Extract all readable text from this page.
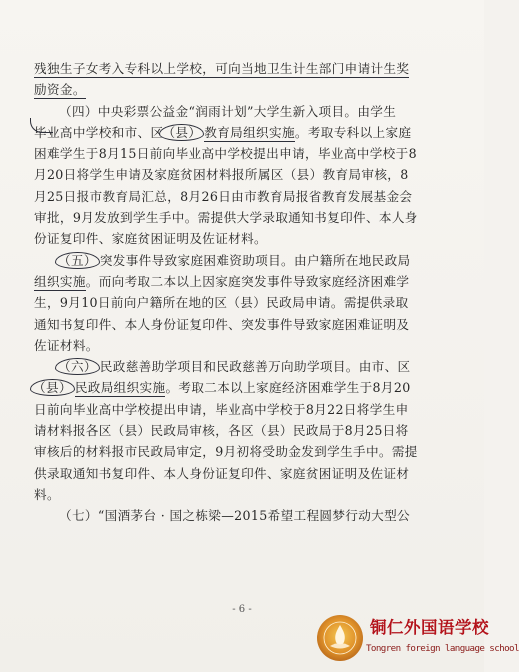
残独生子女考入专科以上学校，可向当地卫生计生部门申请计生奖
励资金。

（四）中央彩票公益金“润雨计划”大学生新入项目。由学生
毕业高中学校和市、区（县） 教育局组织实施。考取专科以上家庭
困难学生于8月15日前向毕业高中学校提出申请，毕业高中学校于8
月20日将学生申请及家庭贫困材料报所属区（县）教育局审核，8
月25日报市教育局汇总，8月26日由市教育局报省教育发展基金会
审批，9月发放到学生手中。需提供大学录取通知书复印件、本人身
份证复印件、家庭贫困证明及佐证材料。

（五） 突发事件导致家庭困难资助项目。由户籍所在地民政局
组织实施。而向考取二本以上因家庭突发事件导致家庭经济困难学
生，9月10日前向户籍所在地的区（县）民政局申请。需提供录取
通知书复印件、本人身份证复印件、突发事件导致家庭困难证明及
佐证材料。

（六） 民政慈善助学项目和民政慈善万向助学项目。由市、区
（县） 民政局组织实施。考取二本以上家庭经济困难学生于8月20
日前向毕业高中学校提出申请，毕业高中学校于8月22日将学生申
请材料报各区（县）民政局审核，各区（县）民政局于8月25日将
审核后的材料报市民政局审定，9月初将受助金发到学生手中。需提
供录取通知书复印件、本人身份证复印件、家庭贫困证明及佐证材
料。

（七）“国酒茅台 · 国之栋梁—2015希望工程圆梦行动大型公

- 6 -
铜仁外国语学校
Tongren foreign language school
